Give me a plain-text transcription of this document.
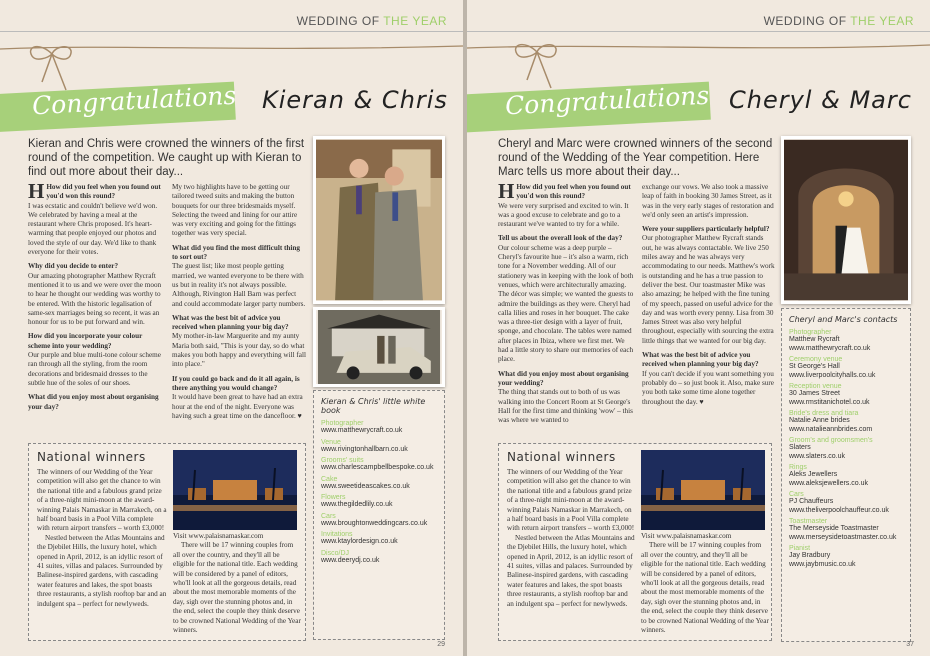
WEDDING OF THE YEAR
Congratulations Kieran & Chris
Kieran and Chris were crowned the winners of the first round of the competition. We caught up with Kieran to find out more about their day...
H How did you feel when you found out you'd won this round?
I was ecstatic and couldn't believe we'd won. We celebrated by having a meal at the restaurant where Chris proposed. It's heart-warming that people enjoyed our photos and loved the style of our day. We'd like to thank everyone for their votes.
Why did you decide to enter?
Our amazing photographer Matthew Rycraft mentioned it to us and we were over the moon to hear he thought our wedding was worthy to be entered. With the historic legalisation of same-sex marriages being so recent, it was an honour for us to be put forward and win.
How did you incorporate your colour scheme into your wedding?
Our purple and blue multi-tone colour scheme ran through all the styling, from the room decorations and bridesmaid dresses to the subtle hue of the soles of our shoes.
What did you enjoy most about organising your day?
My two highlights have to be getting our tailored tweed suits and making the button bouquets for our three bridesmaids myself. Selecting the tweed and lining for our attire was very exciting and going for the fittings together was very special.
What did you find the most difficult thing to sort out?
The guest list; like most people getting married, we wanted everyone to be there with us but in reality it's not always possible. Although, Rivington Hall Barn was perfect and could accommodate larger party numbers.
What was the best bit of advice you received when planning your big day?
My mother-in-law Marguerite and my aunty Maria both said, "This is your day, so do what makes you both happy and everything will fall into place."
If you could go back and do it all again, is there anything you would change?
It would have been great to have had an extra hour at the end of the night. Everyone was having such a great time on the dancefloor. ♥
Kieran & Chris' little white book
Photographer
www.matthewrycraft.co.uk
Venue
www.rivingtonhallbarn.co.uk
Grooms' suits
www.charlescampbellbespoke.co.uk
Cake
www.sweetideascakes.co.uk
Flowers
www.thegildedlily.co.uk
Cars
www.broughtonweddingcars.co.uk
Invitations
www.ktaylordesign.co.uk
Disco/DJ
www.deerydj.co.uk
National winners
The winners of our Wedding of the Year competition will also get the chance to win the national title and a fabulous grand prize of a three-night mini-moon at the award-winning Palais Namaskar in Marrakech, on a half board basis in a Pool Villa complete with return airport transfers – worth £3,000!
Nestled between the Atlas Mountains and the Djebilet Hills, the luxury hotel, which opened in April, 2012, is an idyllic resort of 41 suites, villas and palaces. Surrounded by Balinese-inspired gardens, with cascading water features and lakes, the spot boasts three restaurants, a stylish rooftop bar and an indulgent spa – perfect for newlyweds.
Visit www.palaisnamaskar.com
There will be 17 winning couples from all over the country, and they'll all be eligible for the national title. Each wedding will be considered by a panel of editors, who'll look at all the gorgeous details, read about the most memorable moments of the day, sigh over the stunning photos and, in the end, select the couple they think deserve to be crowned National Wedding of the Year winners.
29
WEDDING OF THE YEAR
Congratulations Cheryl & Marc
Cheryl and Marc were crowned winners of the second round of the Wedding of the Year competition. Here Marc tells us more about their day...
H How did you feel when you found out you'd won this round?
We were very surprised and excited to win. It was a good excuse to celebrate and go to a restaurant we've wanted to try for a while.
Tell us about the overall look of the day?
Our colour scheme was a deep purple – Cheryl's favourite hue – it's also a warm, rich tone for a November wedding. All of our stationery was in keeping with the look of both venues, which were architecturally amazing. The décor was simple; we wanted the guests to admire the buildings as they were. Cheryl had calla lilies and roses in her bouquet. The cake was a three-tier design with a layer of fruit, sponge, and chocolate. The tables were named after places in Ibiza, where we first met. We had a little story to share our memories of each place.
What did you enjoy most about organising your wedding?
The thing that stands out to both of us was walking into the Concert Room at St George's Hall for the first time and thinking 'wow' – this was where we wanted to
exchange our vows. We also took a massive leap of faith in booking 30 James Street, as it was in the very early stages of restoration and we'd only seen an artist's impression.
Were your suppliers particularly helpful?
Our photographer Matthew Rycraft stands out, he was always contactable. We live 250 miles away and he was always very accommodating to our needs. Matthew's work is outstanding and he has a true passion to deliver the best. Our toastmaster Mike was also amazing; he helped with the fine tuning of my speech, passed on useful advice for the day and was worth every penny. Lisa from 30 James Street was also very helpful throughout, especially with sourcing the extra little things that we wanted for our big day.
What was the best bit of advice you received when planning your big day?
If you can't decide if you want something you probably do – so just book it. Also, make sure you both take some time alone together throughout the day. ♥
Cheryl and Marc's contacts
Photographer
Matthew Rycraft
www.matthewrycraft.co.uk
Ceremony venue
St George's Hall
www.liverpoolcityhalls.co.uk
Reception venue
30 James Street
www.rmstitanichotel.co.uk
Bride's dress and tiara
Natalie Anne brides
www.natalieannbrides.com
Groom's and groomsmen's
Slaters
www.slaters.co.uk
Rings
Aleks Jewellers
www.aleksjewellers.co.uk
Cars
PJ Chauffeurs
www.theliverpoolchauffeur.co.uk
Toastmaster
The Merseyside Toastmaster
www.merseysidetoastmaster.co.uk
Pianist
Jay Bradbury
www.jaybmusic.co.uk
National winners
The winners of our Wedding of the Year competition will also get the chance to win the national title and a fabulous grand prize of a three-night mini-moon at the award-winning Palais Namaskar in Marrakech, on a half board basis in a Pool Villa complete with return airport transfers – worth £3,000!
Nestled between the Atlas Mountains and the Djebilet Hills, the luxury hotel, which opened in April, 2012, is an idyllic resort of 41 suites, villas and palaces. Surrounded by Balinese-inspired gardens, with cascading water features and lakes, the spot boasts three restaurants, a stylish rooftop bar and an indulgent spa – perfect for newlyweds.
Visit www.palaisnamaskar.com
There will be 17 winning couples from all over the country, and they'll all be eligible for the national title. Each wedding will be considered by a panel of editors, who'll look at all the gorgeous details, read about the most memorable moments of the day, sigh over the stunning photos and, in the end, select the couple they think deserve to be crowned National Wedding of the Year winners.
37
